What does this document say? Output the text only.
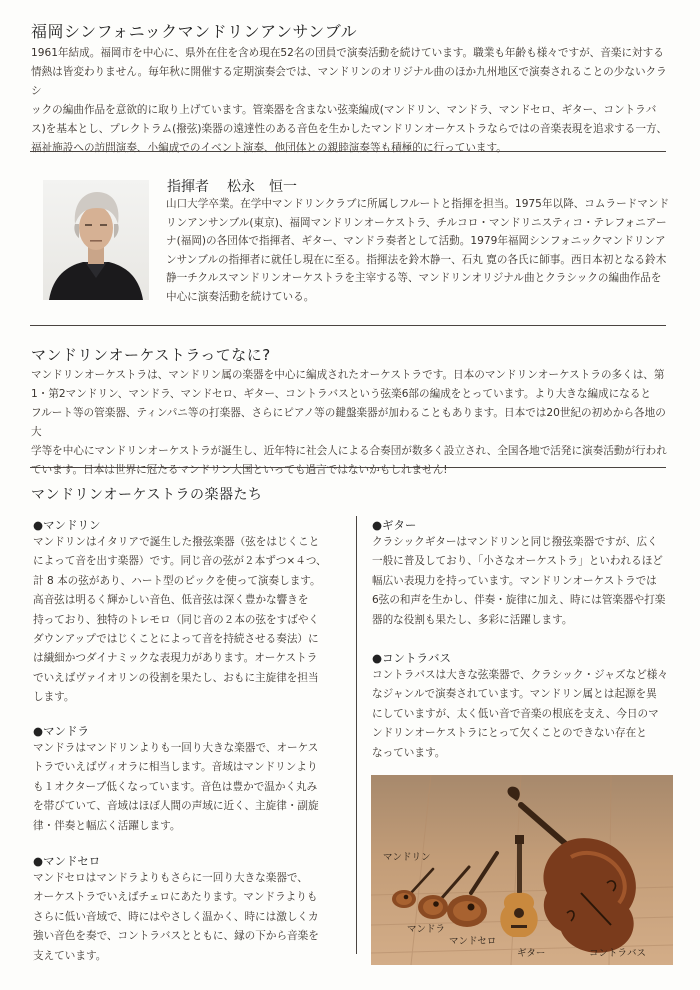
福岡シンフォニックマンドリンアンサンブル
1961年結成。福岡市を中心に、県外在住を含め現在52名の団員で演奏活動を続けています。職業も年齢も様々ですが、音楽に対する
情熱は皆変わりません。毎年秋に開催する定期演奏会では、マンドリンのオリジナル曲のほか九州地区で演奏されることの少ないクラシ
ックの編曲作品を意欲的に取り上げています。管楽器を含まない弦楽編成(マンドリン、マンドラ、マンドセロ、ギター、コントラバ
ス)を基本とし、プレクトラム(撥弦)楽器の遠達性のある音色を生かしたマンドリンオーケストラならではの音楽表現を追求する一方、
福祉施設への訪問演奏、小編成でのイベント演奏、他団体との親睦演奏等も積極的に行っています。
指揮者 松永　恒一
山口大学卒業。在学中マンドリンクラブに所属しフルートと指揮を担当。1975年以降、コムラードマンド
リンアンサンブル(東京)、福岡マンドリンオーケストラ、チルコロ・マンドリニスティコ・テレフォニアー
ナ(福岡)の各団体で指揮者、ギター、マンドラ奏者として活動。1979年福岡シンフォニックマンドリンア
ンサンブルの指揮者に就任し現在に至る。指揮法を鈴木静一、石丸 寛の各氏に師事。西日本初となる鈴木
静一チクルスマンドリンオーケストラを主宰する等、マンドリンオリジナル曲とクラシックの編曲作品を
中心に演奏活動を続けている。
マンドリンオーケストラってなに?
マンドリンオーケストラは、マンドリン属の楽器を中心に編成されたオーケストラです。日本のマンドリンオーケストラの多くは、第
1・第2マンドリン、マンドラ、マンドセロ、ギター、コントラバスという弦楽6部の編成をとっています。より大きな編成になると
フルート等の管楽器、ティンパニ等の打楽器、さらにピアノ等の鍵盤楽器が加わることもあります。日本では20世紀の初めから各地の大
学等を中心にマンドリンオーケストラが誕生し、近年特に社会人による合奏団が数多く設立され、全国各地で活発に演奏活動が行われ
ています。日本は世界に冠たるマンドリン大国といっても過言ではないかもしれません!
マンドリンオーケストラの楽器たち
●マンドリン
マンドリンはイタリアで誕生した撥弦楽器（弦をはじくこと
によって音を出す楽器）です。同じ音の弦が２本ずつ×４つ、
計 8 本の弦があり、ハート型のピックを使って演奏します。
高音弦は明るく輝かしい音色、低音弦は深く豊かな響きを
持っており、独特のトレモロ（同じ音の２本の弦をすばやく
ダウンアップではじくことによって音を持続させる奏法）に
は繊細かつダイナミックな表現力があります。オーケストラ
でいえばヴァイオリンの役割を果たし、おもに主旋律を担当
します。
●マンドラ
マンドラはマンドリンよりも一回り大きな楽器で、オーケス
トラでいえばヴィオラに相当します。音域はマンドリンより
も１オクターブ低くなっています。音色は豊かで温かく丸み
を帯びていて、音域はほぼ人間の声域に近く、主旋律・副旋
律・伴奏と幅広く活躍します。
●マンドセロ
マンドセロはマンドラよりもさらに一回り大きな楽器で、
オーケストラでいえばチェロにあたります。マンドラよりも
さらに低い音域で、時にはやさしく温かく、時には激しくカ
強い音色を奏で、コントラバスとともに、縁の下から音楽を
支えています。
●ギター
クラシックギターはマンドリンと同じ撥弦楽器ですが、広く
一般に普及しており、「小さなオーケストラ」といわれるほど
幅広い表現力を持っています。マンドリンオーケストラでは
6弦の和声を生かし、伴奏・旋律に加え、時には管楽器や打楽
器的な役割も果たし、多彩に活躍します。
●コントラバス
コントラバスは大きな弦楽器で、クラシック・ジャズなど様々
なジャンルで演奏されています。マンドリン属とは起源を異
にしていますが、太く低い音で音楽の根底を支え、今日のマ
ンドリンオーケストラにとって欠くことのできない存在と
なっています。
マンドリン
マンドラ
マンドセロ
ギター	コントラバス
